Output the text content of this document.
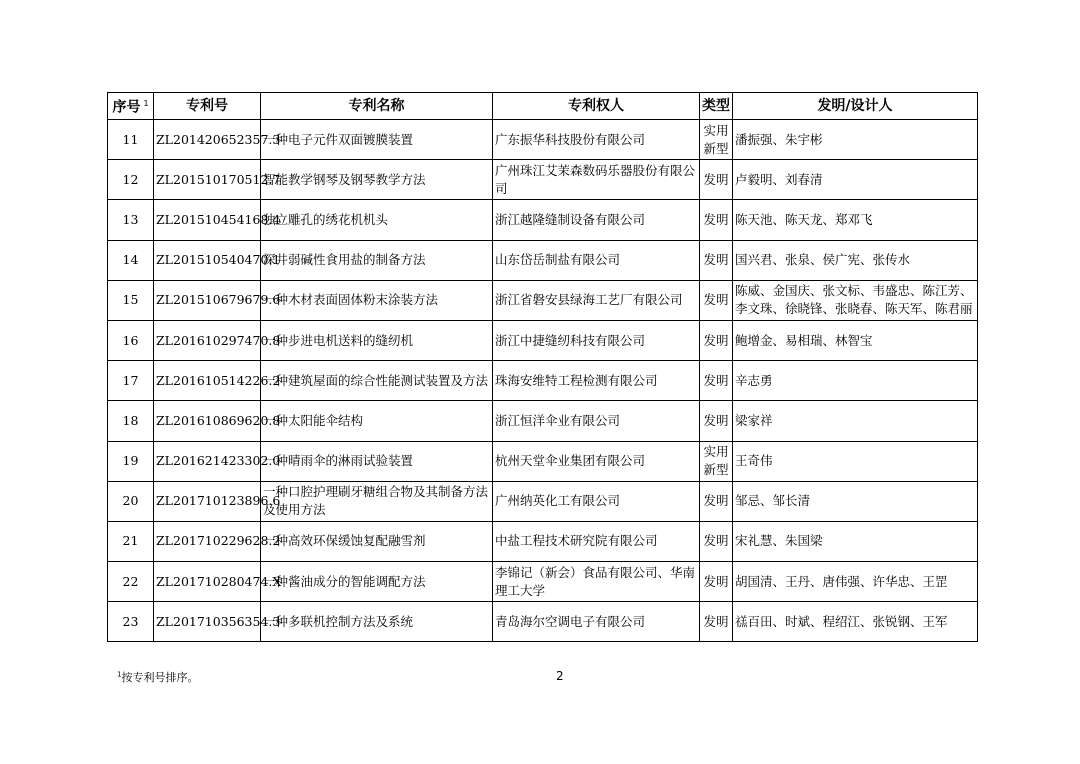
序号 $^1$	专利号	专利名称	专利权人	类型	发明/设计人
11	ZL201420652357.3	一种电子元件双面镀膜装置	广东振华科技股份有限公司	实用新型	潘振强、朱宇彬
12	ZL201510170512.7	智能教学钢琴及钢琴教学方法	广州珠江艾茉森数码乐器股份有限公司	发明	卢毅明、刘春清
13	ZL201510454168.4	独立雕孔的绣花机机头	浙江越隆缝制设备有限公司	发明	陈天池、陈天龙、郑邓飞
14	ZL201510540470.1	深井弱碱性食用盐的制备方法	山东岱岳制盐有限公司	发明	国兴君、张泉、侯广宪、张传水
15	ZL201510679679.6	一种木材表面固体粉末涂装方法	浙江省磐安县绿海工艺厂有限公司	发明	陈威、金国庆、张文标、韦盛忠、陈江芳、李文珠、徐晓锋、张晓春、陈天军、陈君丽
16	ZL201610297470.8	一种步进电机送料的缝纫机	浙江中捷缝纫科技有限公司	发明	鲍增金、易相瑞、林智宝
17	ZL201610514226.2	一种建筑屋面的综合性能测试装置及方法	珠海安维特工程检测有限公司	发明	辛志勇
18	ZL201610869620.8	一种太阳能伞结构	浙江恒洋伞业有限公司	发明	梁家祥
19	ZL201621423302.0	一种晴雨伞的淋雨试验装置	杭州天堂伞业集团有限公司	实用新型	王奇伟
20	ZL201710123896.6	一种口腔护理刷牙糖组合物及其制备方法及使用方法	广州纳英化工有限公司	发明	邹忌、邹长清
21	ZL201710229628.2	一种高效环保缓蚀复配融雪剂	中盐工程技术研究院有限公司	发明	宋礼慧、朱国梁
22	ZL201710280474.X	一种酱油成分的智能调配方法	李锦记（新会）食品有限公司、华南理工大学	发明	胡国清、王丹、唐伟强、许华忠、王罡
23	ZL201710356354.3	一种多联机控制方法及系统	青岛海尔空调电子有限公司	发明	禚百田、时斌、程绍江、张锐钢、王军
$^1$按专利号排序。	2
